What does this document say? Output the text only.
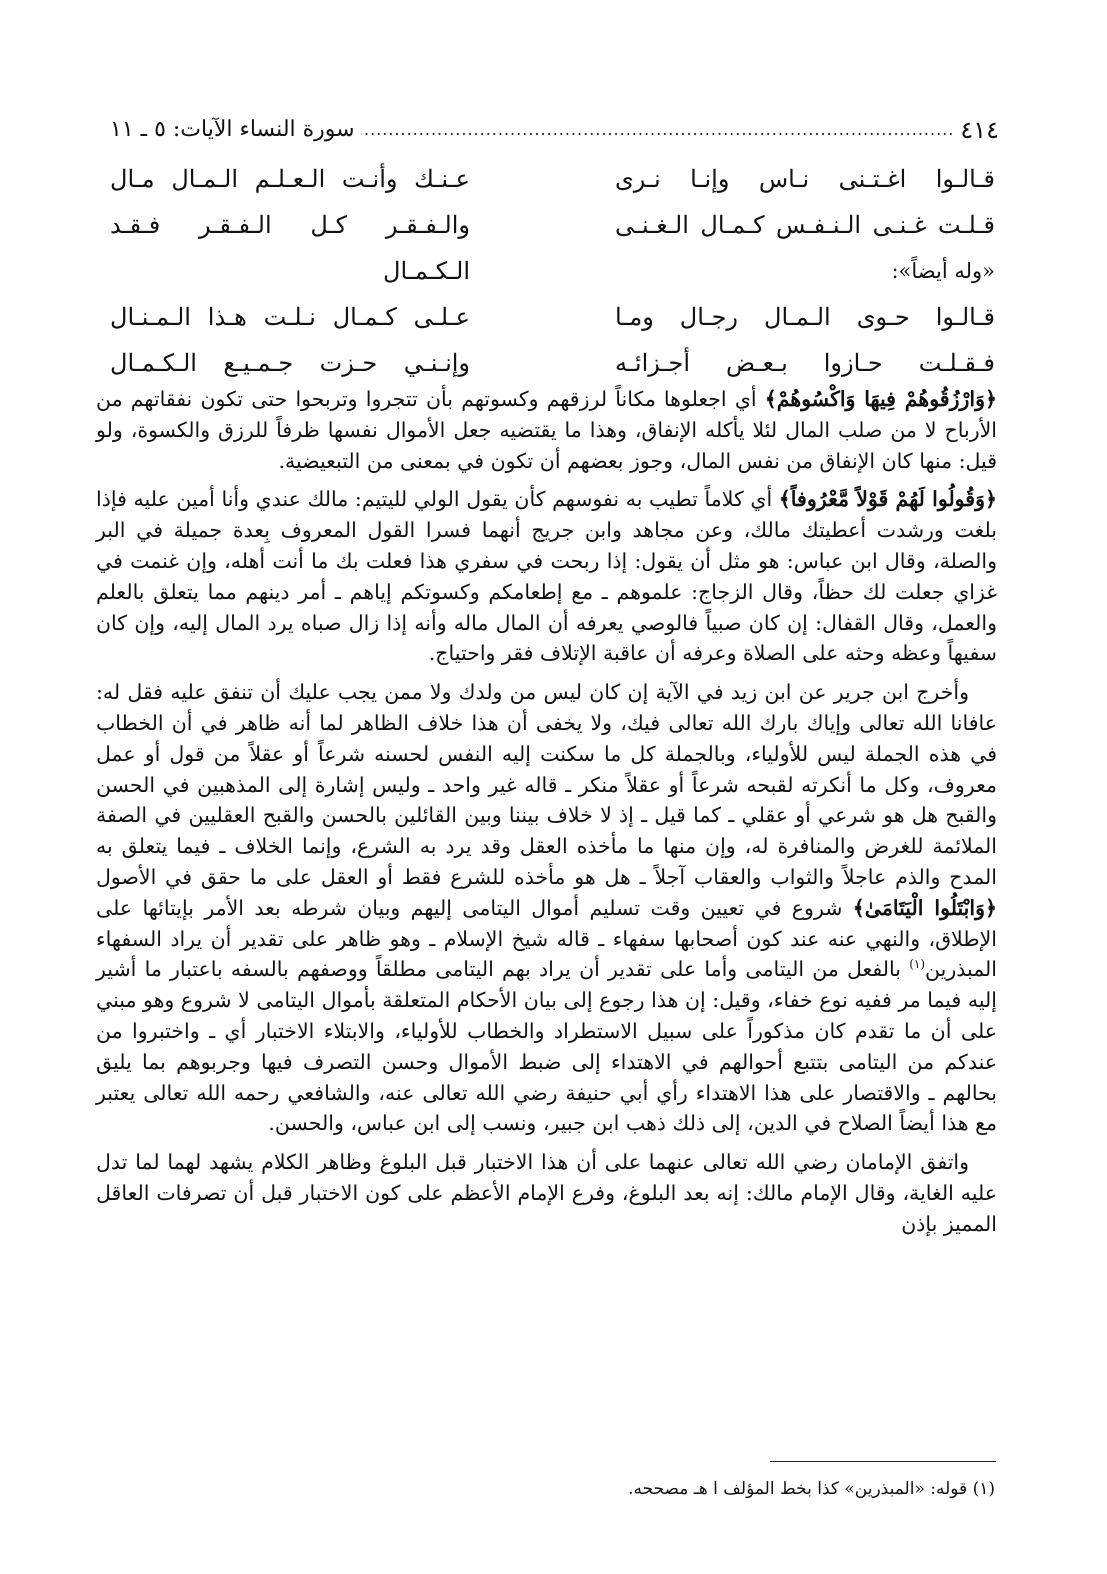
٤١٤
.....
سورة النساء الآيات: ٥ ـ ١١
قـالـوا اغـتـنى نـاس وإنـا نـرى
عـنـك وأنـت الـعـلـم الـمـال مـال
قـلـت غـنـى الـنـفـس كـمـال الـغـنـى
والـفـقـر كـل الـفـقـر فـقـد الـكـمـال	«وله أيضاً»:
قـالـوا حـوى الـمـال رجـال ومـا
عـلـى كـمـال نـلـت هـذا الـمـنـال
فـقـلـت حـازوا بـعـض أجـزائـه
وإنـنـي حـزت جـمـيـع الـكـمـال

﴿وَارْزُقُوهُمْ فِيهَا وَاكْسُوهُمْ﴾ أي اجعلوها مكاناً لرزقهم وكسوتهم بأن تتجروا وتربحوا حتى تكون نفقاتهم من الأرباح لا من صلب المال لئلا يأكله الإنفاق، وهذا ما يقتضيه جعل الأموال نفسها ظرفاً للرزق والكسوة، ولو قيل: منها كان الإنفاق من نفس المال، وجوز بعضهم أن تكون في بمعنى من التبعيضية.

﴿وَقُولُوا لَهُمْ قَوْلاً مَّعْرُوفاً﴾ أي كلاماً تطيب به نفوسهم كأن يقول الولي لليتيم: مالك عندي وأنا أمين عليه فإذا بلغت ورشدت أعطيتك مالك، وعن مجاهد وابن جريج أنهما فسرا القول المعروف بِعدة جميلة في البر والصلة، وقال ابن عباس: هو مثل أن يقول: إذا ربحت في سفري هذا فعلت بك ما أنت أهله، وإن غنمت في غزاي جعلت لك حظاً، وقال الزجاج: علموهم ـ مع إطعامكم وكسوتكم إياهم ـ أمر دينهم مما يتعلق بالعلم والعمل، وقال القفال: إن كان صبياً فالوصي يعرفه أن المال ماله وأنه إذا زال صباه يرد المال إليه، وإن كان سفيهاً وعظه وحثه على الصلاة وعرفه أن عاقبة الإتلاف فقر واحتياج.

وأخرج ابن جرير عن ابن زيد في الآية إن كان ليس من ولدك ولا ممن يجب عليك أن تنفق عليه فقل له: عافانا الله تعالى وإياك بارك الله تعالى فيك، ولا يخفى أن هذا خلاف الظاهر لما أنه ظاهر في أن الخطاب في هذه الجملة ليس للأولياء، وبالجملة كل ما سكنت إليه النفس لحسنه شرعاً أو عقلاً من قول أو عمل معروف، وكل ما أنكرته لقبحه شرعاً أو عقلاً منكر ـ قاله غير واحد ـ وليس إشارة إلى المذهبين في الحسن والقبح هل هو شرعي أو عقلي ـ كما قيل ـ إذ لا خلاف بيننا وبين القائلين بالحسن والقبح العقليين في الصفة الملائمة للغرض والمنافرة له، وإن منها ما مأخذه العقل وقد يرد به الشرع، وإنما الخلاف ـ فيما يتعلق به المدح والذم عاجلاً والثواب والعقاب آجلاً ـ هل هو مأخذه للشرع فقط أو العقل على ما حقق في الأصول ﴿وَابْتَلُوا الْيَتَامَىٰ﴾ شروع في تعيين وقت تسليم أموال اليتامى إليهم وبيان شرطه بعد الأمر بإيتائها على الإطلاق، والنهي عنه عند كون أصحابها سفهاء ـ قاله شيخ الإسلام ـ وهو ظاهر على تقدير أن يراد السفهاء المبذرين$^{(١)}$ بالفعل من اليتامى وأما على تقدير أن يراد بهم اليتامى مطلقاً ووصفهم بالسفه باعتبار ما أشير إليه فيما مر ففيه نوع خفاء، وقيل: إن هذا رجوع إلى بيان الأحكام المتعلقة بأموال اليتامى لا شروع وهو مبني على أن ما تقدم كان مذكوراً على سبيل الاستطراد والخطاب للأولياء، والابتلاء الاختبار أي ـ واختبروا من عندكم من اليتامى بتتبع أحوالهم في الاهتداء إلى ضبط الأموال وحسن التصرف فيها وجربوهم بما يليق بحالهم ـ والاقتصار على هذا الاهتداء رأي أبي حنيفة رضي الله تعالى عنه، والشافعي رحمه الله تعالى يعتبر مع هذا أيضاً الصلاح في الدين، إلى ذلك ذهب ابن جبير، ونسب إلى ابن عباس، والحسن.

واتفق الإمامان رضي الله تعالى عنهما على أن هذا الاختبار قبل البلوغ وظاهر الكلام يشهد لهما لما تدل عليه الغاية، وقال الإمام مالك: إنه بعد البلوغ، وفرع الإمام الأعظم على كون الاختبار قبل أن تصرفات العاقل المميز بإذن

(١) قوله: «المبذرين» كذا بخط المؤلف ا هـ مصححه.
